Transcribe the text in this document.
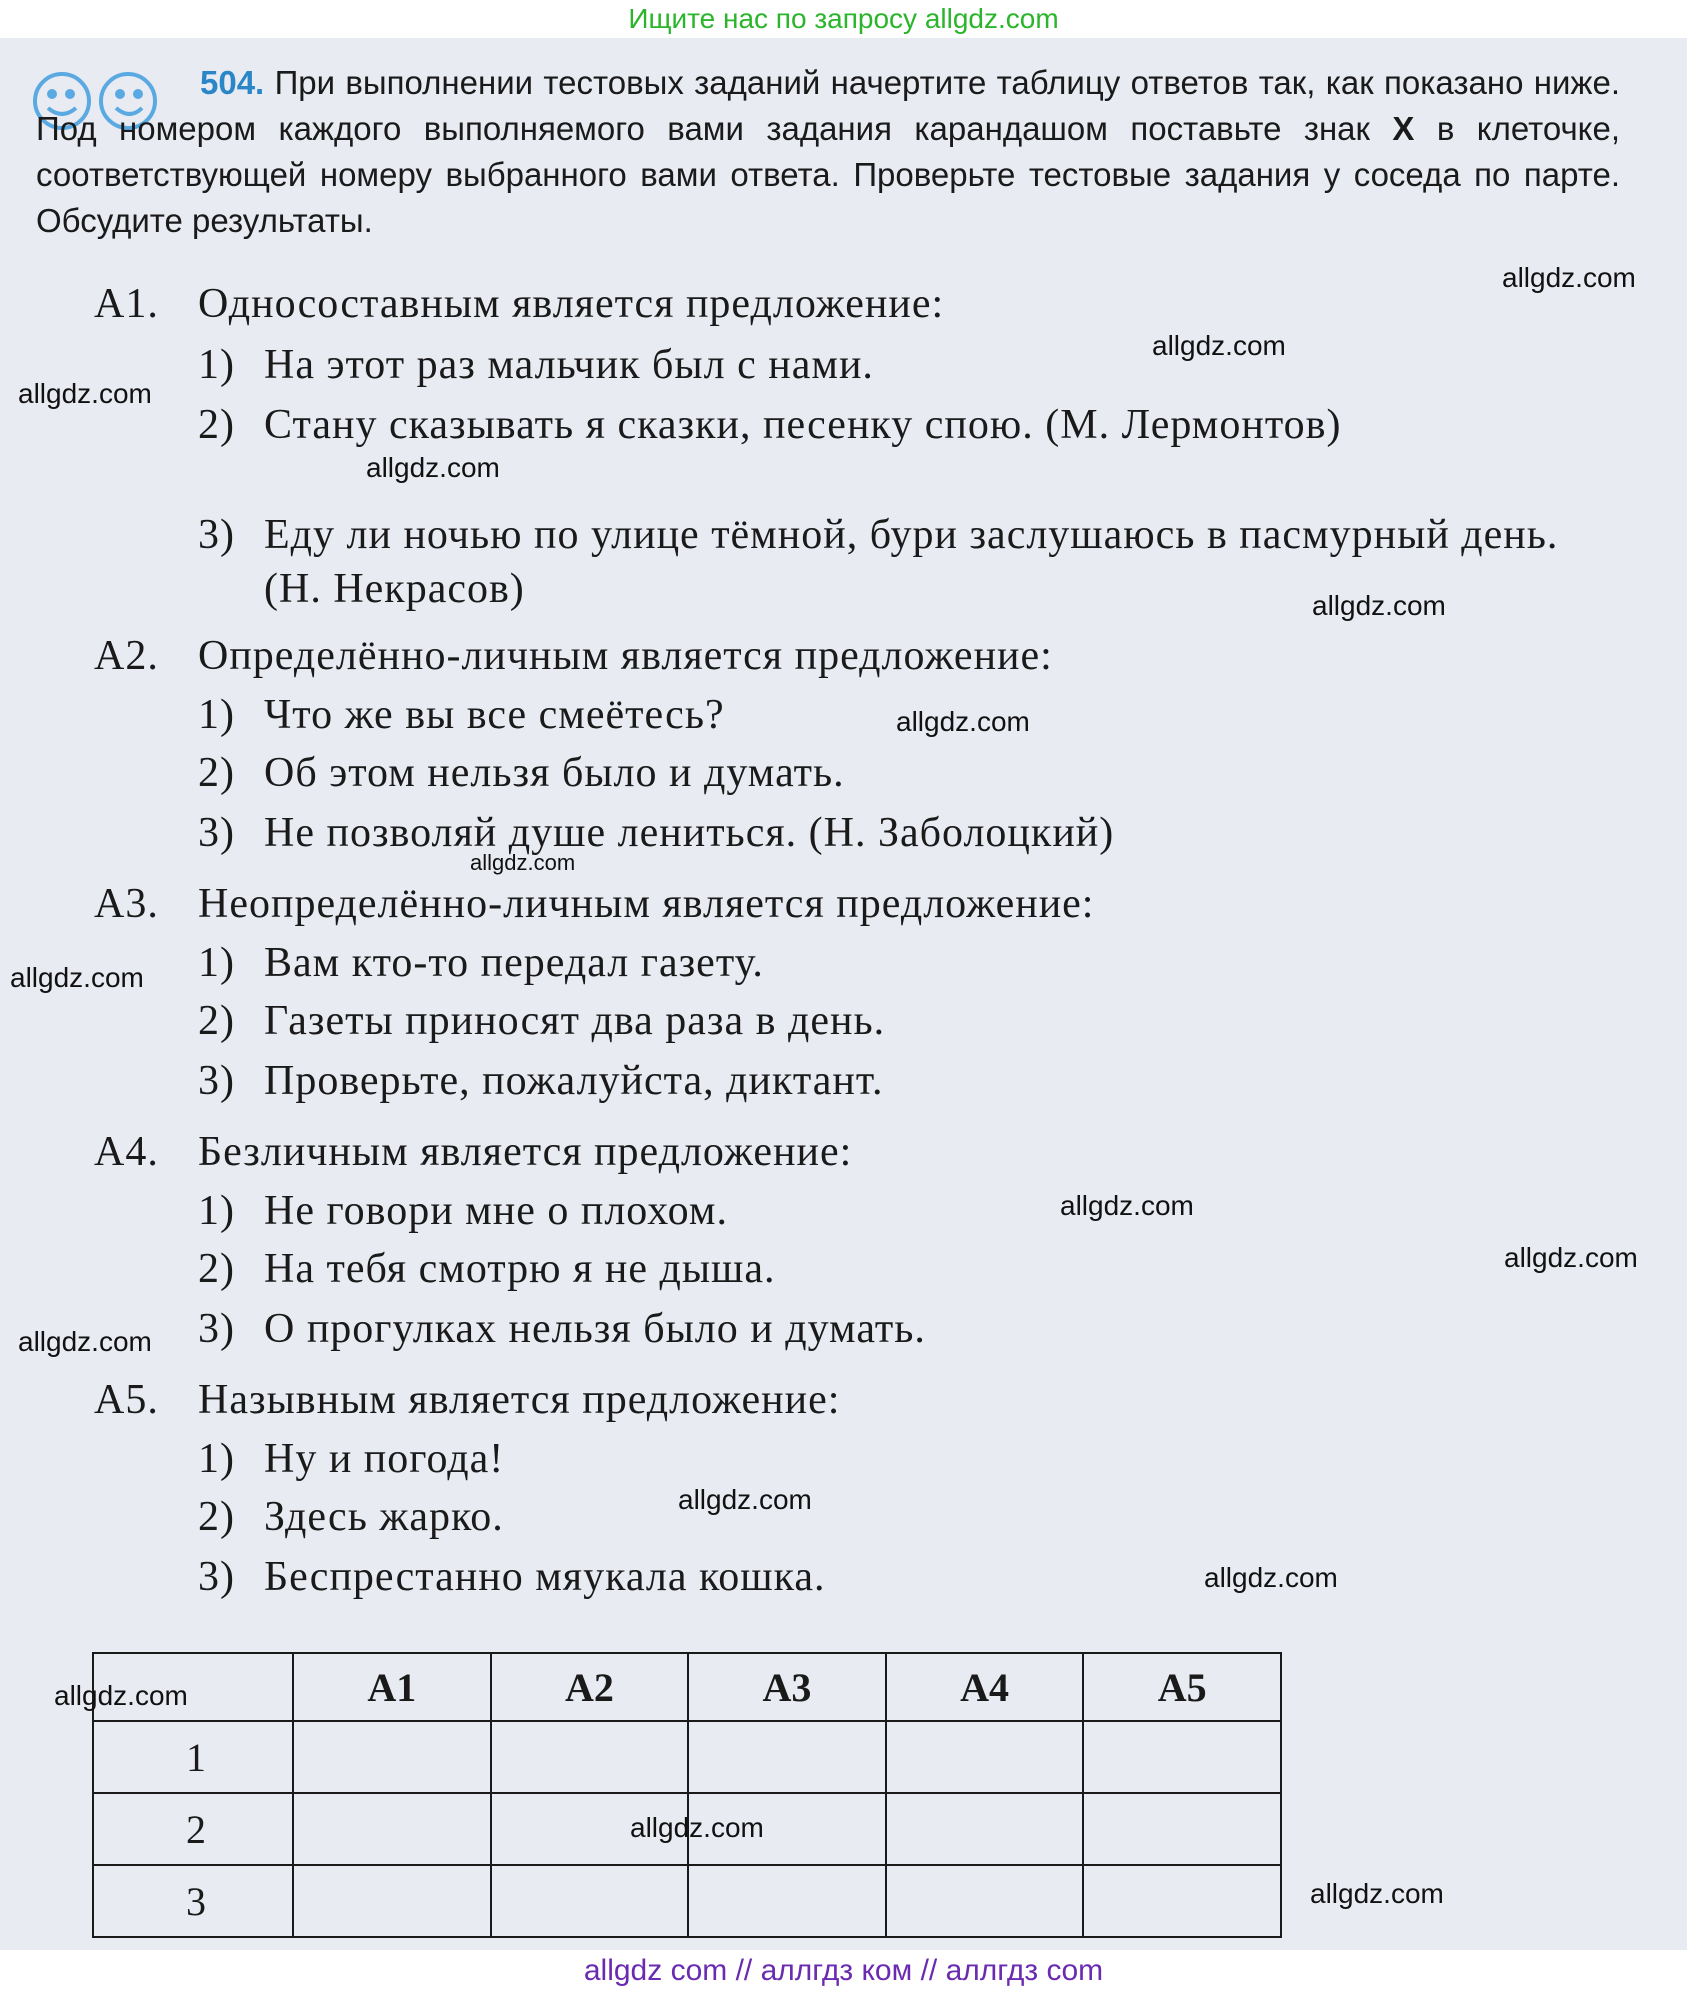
Ищите нас по запросу allgdz.com
504. При выполнении тестовых заданий начертите таблицу ответов так, как показано ниже. Под номером каждого выполняемого вами задания карандашом поставьте знак X в клеточке, соответствующей номеру выбранного вами ответа. Проверьте тестовые задания у соседа по парте. Обсудите результаты.
А1. Односоставным является предложение:
1) На этот раз мальчик был с нами.
2) Стану сказывать я сказки, песенку спою. (М. Лермонтов)
3) Еду ли ночью по улице тёмной, бури заслушаюсь в пасмурный день. (Н. Некрасов)
А2. Определённо-личным является предложение:
1) Что же вы все смеётесь?
2) Об этом нельзя было и думать.
3) Не позволяй душе лениться. (Н. Заболоцкий)
А3. Неопределённо-личным является предложение:
1) Вам кто-то передал газету.
2) Газеты приносят два раза в день.
3) Проверьте, пожалуйста, диктант.
А4. Безличным является предложение:
1) Не говори мне о плохом.
2) На тебя смотрю я не дыша.
3) О прогулках нельзя было и думать.
А5. Назывным является предложение:
1) Ну и погода!
2) Здесь жарко.
3) Беспрестанно мяукала кошка.
	А1	А2	А3	А4	А5
1					
2					
3					
allgdz.com
allgdz.com
allgdz.com
allgdz.com
allgdz.com
allgdz.com
allgdz.com
allgdz.com
allgdz.com
allgdz.com
allgdz.com
allgdz.com
allgdz.com
allgdz.com
allgdz.com
allgdz.com
allgdz com // аллгдз ком // аллгдз com
